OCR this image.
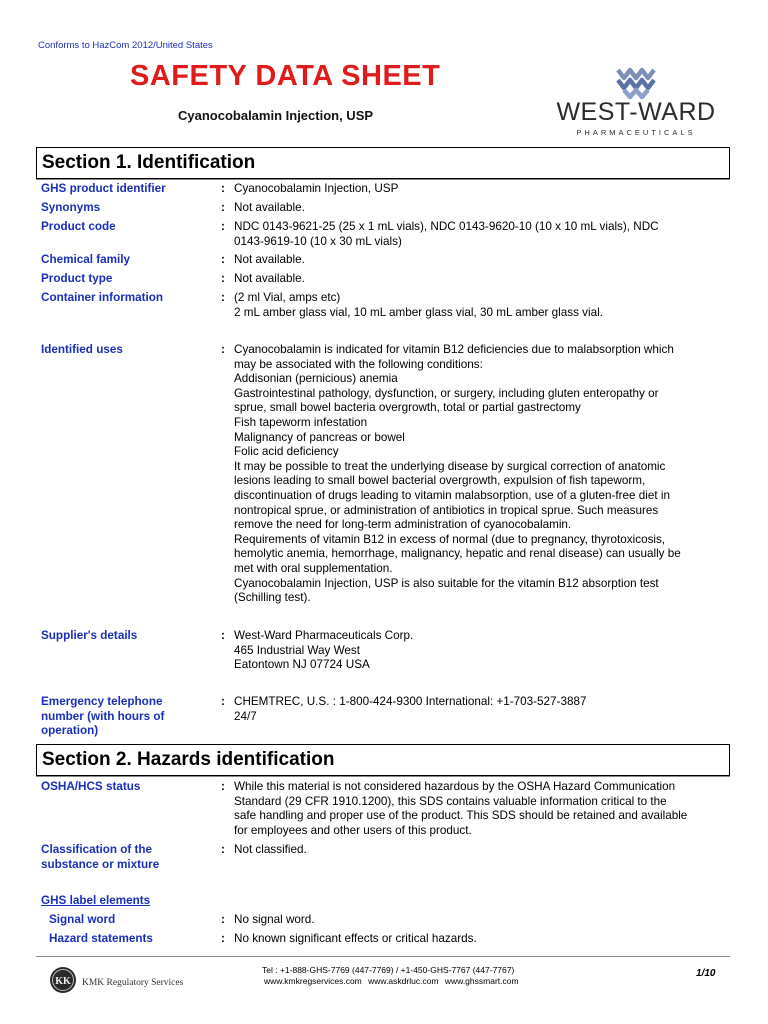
Conforms to HazCom 2012/United States
SAFETY DATA SHEET
Cyanocobalamin Injection, USP	WEST-WARD
PHARMACEUTICALS
Section 1. Identification
GHS product identifier	: Cyanocobalamin Injection, USP
Synonyms	: Not available.
Product code	: NDC 0143-9621-25 (25 x 1 mL vials), NDC 0143-9620-10 (10 x 10 mL vials), NDC
0143-9619-10 (10 x 30 mL vials)
Chemical family	: Not available.
Product type	: Not available.
Container information	: (2 ml Vial, amps etc)
2 mL amber glass vial, 10 mL amber glass vial, 30 mL amber glass vial.
Identified uses	: Cyanocobalamin is indicated for vitamin B12 deficiencies due to malabsorption which
may be associated with the following conditions:
Addisonian (pernicious) anemia
Gastrointestinal pathology, dysfunction, or surgery, including gluten enteropathy or
sprue, small bowel bacteria overgrowth, total or partial gastrectomy
Fish tapeworm infestation
Malignancy of pancreas or bowel
Folic acid deficiency
It may be possible to treat the underlying disease by surgical correction of anatomic
lesions leading to small bowel bacterial overgrowth, expulsion of fish tapeworm,
discontinuation of drugs leading to vitamin malabsorption, use of a gluten-free diet in
nontropical sprue, or administration of antibiotics in tropical sprue. Such measures
remove the need for long-term administration of cyanocobalamin.
Requirements of vitamin B12 in excess of normal (due to pregnancy, thyrotoxicosis,
hemolytic anemia, hemorrhage, malignancy, hepatic and renal disease) can usually be
met with oral supplementation.
Cyanocobalamin Injection, USP is also suitable for the vitamin B12 absorption test
(Schilling test).
Supplier's details	: West-Ward Pharmaceuticals Corp.
465 Industrial Way West
Eatontown NJ 07724 USA
Emergency telephone
number (with hours of
operation)
: CHEMTREC, U.S. : 1-800-424-9300 International: +1-703-527-3887
24/7
Section 2. Hazards identification
OSHA/HCS status	: While this material is not considered hazardous by the OSHA Hazard Communication
Standard (29 CFR 1910.1200), this SDS contains valuable information critical to the
safe handling and proper use of the product. This SDS should be retained and available
for employees and other users of this product.
Classification of the
substance or mixture
: Not classified.
GHS label elements
Signal word	: No signal word.
Hazard statements	: No known significant effects or critical hazards.
KK KMK Regulatory Services
Tel : +1-888-GHS-7769 (447-7769) / +1-450-GHS-7767 (447-7767)
www.kmkregservices.com www.askdrluc.com www.ghssmart.com
1/10
